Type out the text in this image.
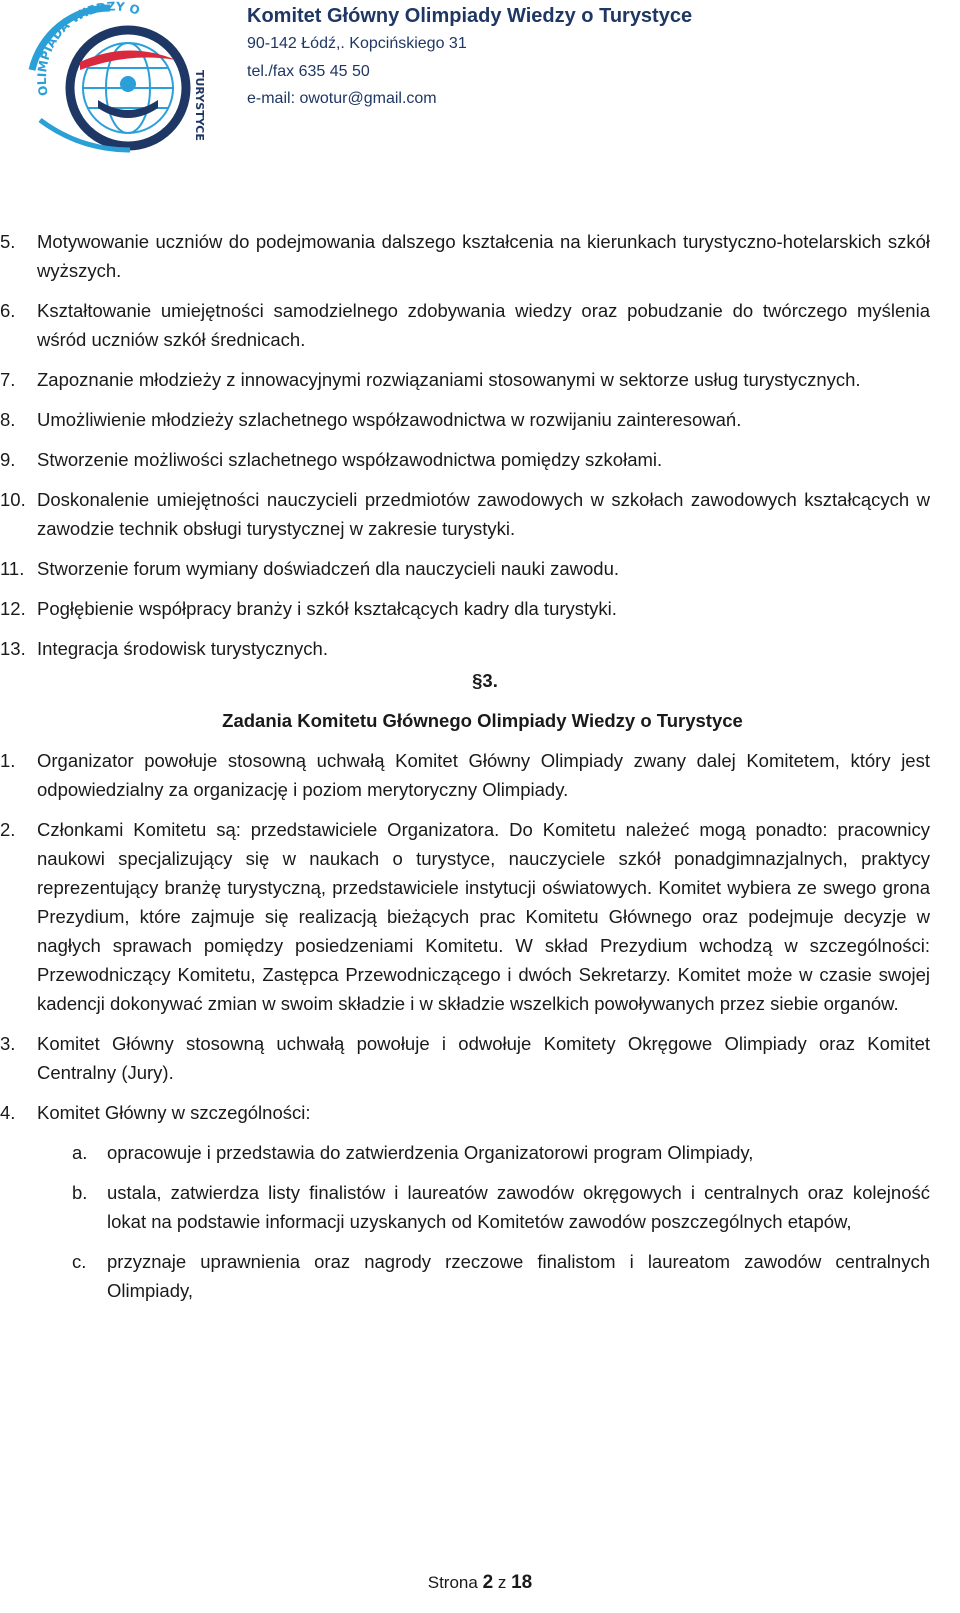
OLIMPIADA WIEDZY O
TURYSTYCE
Komitet Główny Olimpiady Wiedzy o Turystyce
90-142 Łódź,. Kopcińskiego 31
tel./fax 635 45 50
e-mail: owotur@gmail.com
5. Motywowanie uczniów do podejmowania dalszego kształcenia na kierunkach turystyczno-hotelarskich szkół wyższych.
6. Kształtowanie umiejętności samodzielnego zdobywania wiedzy oraz pobudzanie do twórczego myślenia wśród uczniów szkół średnicach.
7. Zapoznanie młodzieży z innowacyjnymi rozwiązaniami stosowanymi w sektorze usług turystycznych.
8. Umożliwienie młodzieży szlachetnego współzawodnictwa w rozwijaniu zainteresowań.
9. Stworzenie możliwości szlachetnego współzawodnictwa pomiędzy szkołami.
10. Doskonalenie umiejętności nauczycieli przedmiotów zawodowych w szkołach zawodowych kształcących w zawodzie technik obsługi turystycznej w zakresie turystyki.
11. Stworzenie forum wymiany doświadczeń dla nauczycieli nauki zawodu.
12. Pogłębienie współpracy branży i szkół kształcących kadry dla turystyki.
13. Integracja środowisk turystycznych.
§3.
Zadania Komitetu Głównego Olimpiady Wiedzy o Turystyce
1. Organizator powołuje stosowną uchwałą Komitet Główny Olimpiady zwany dalej Komitetem, który jest odpowiedzialny za organizację i poziom merytoryczny Olimpiady.
2. Członkami Komitetu są: przedstawiciele Organizatora. Do Komitetu należeć mogą ponadto: pracownicy naukowi specjalizujący się w naukach o turystyce, nauczyciele szkół ponadgimnazjalnych, praktycy reprezentujący branżę turystyczną, przedstawiciele instytucji oświatowych. Komitet wybiera ze swego grona Prezydium, które zajmuje się realizacją bieżących prac Komitetu Głównego oraz podejmuje decyzje w nagłych sprawach pomiędzy posiedzeniami Komitetu. W skład Prezydium wchodzą w szczególności: Przewodniczący Komitetu, Zastępca Przewodniczącego i dwóch Sekretarzy. Komitet może w czasie swojej kadencji dokonywać zmian w swoim składzie i w składzie wszelkich powoływanych przez siebie organów.
3. Komitet Główny stosowną uchwałą powołuje i odwołuje Komitety Okręgowe Olimpiady oraz Komitet Centralny (Jury).
4. Komitet Główny w szczególności:
a. opracowuje i przedstawia do zatwierdzenia Organizatorowi program Olimpiady,
b. ustala, zatwierdza listy finalistów i laureatów zawodów okręgowych i centralnych oraz kolejność lokat na podstawie informacji uzyskanych od Komitetów zawodów poszczególnych etapów,
c. przyznaje uprawnienia oraz nagrody rzeczowe finalistom i laureatom zawodów centralnych Olimpiady,
Strona 2 z 18
